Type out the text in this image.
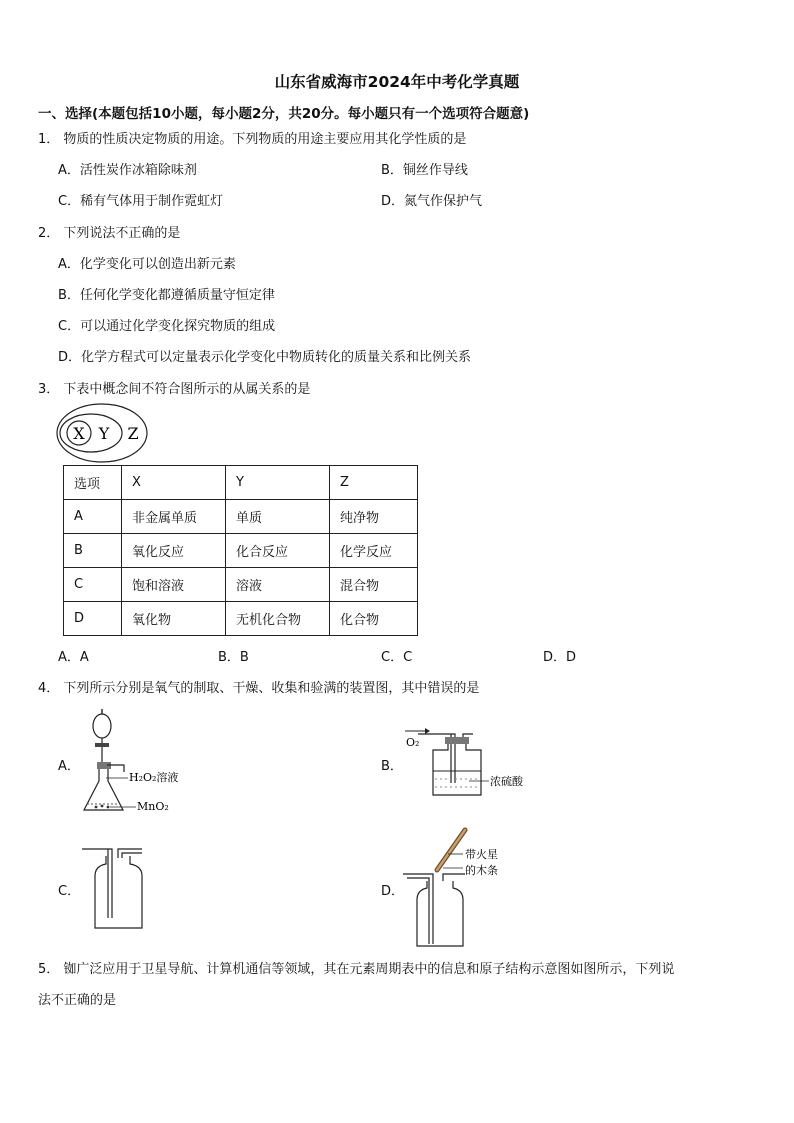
山东省威海市2024年中考化学真题
一、选择(本题包括10小题，每小题2分，共20分。每小题只有一个选项符合题意)
1． 物质的性质决定物质的用途。下列物质的用途主要应用其化学性质的是
A．活性炭作冰箱除味剂	B．铜丝作导线
C．稀有气体用于制作霓虹灯	D．氮气作保护气
2． 下列说法不正确的是
A．化学变化可以创造出新元素
B．任何化学变化都遵循质量守恒定律
C．可以通过化学变化探究物质的组成
D．化学方程式可以定量表示化学变化中物质转化的质量关系和比例关系
3． 下表中概念间不符合图所示的从属关系的是
X Y Z
选项	X	Y	Z
A	非金属单质	单质	纯净物
B	氧化反应	化合反应	化学反应
C	饱和溶液	溶液	混合物
D	氧化物	无机化合物	化合物
A．A	B．B	C．C	D．D
4． 下列所示分别是氧气的制取、干燥、收集和验满的装置图，其中错误的是
A．
H₂O₂溶液
MnO₂
B．
O₂
浓硫酸
C．	D．
带火星
的木条
5． 铷广泛应用于卫星导航、计算机通信等领域，其在元素周期表中的信息和原子结构示意图如图所示，下列说
法不正确的是
